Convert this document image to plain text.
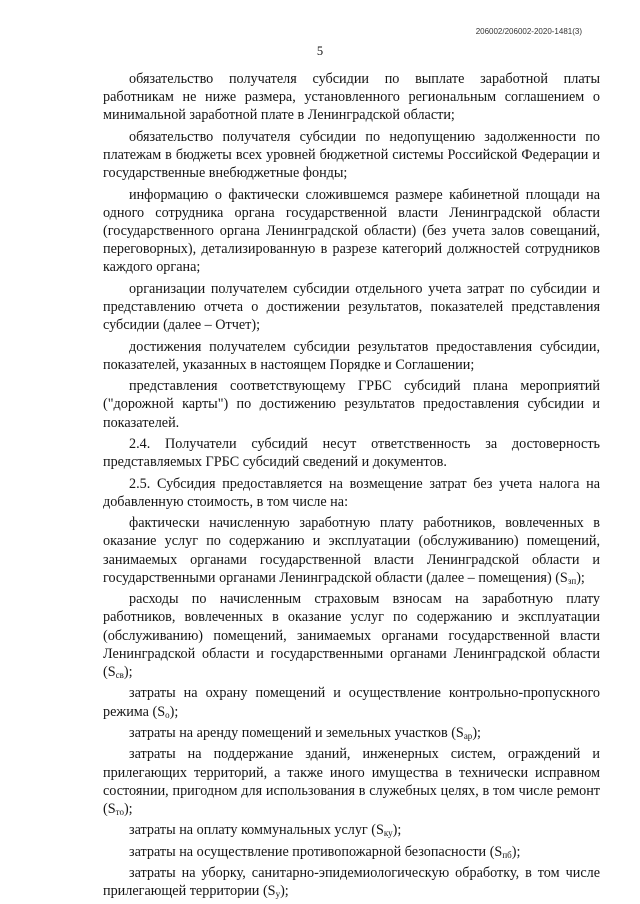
206002/206002-2020-1481(3)
5

обязательство получателя субсидии по выплате заработной платы работникам не ниже размера, установленного региональным соглашением о минимальной заработной плате в Ленинградской области;

обязательство получателя субсидии по недопущению задолженности по платежам в бюджеты всех уровней бюджетной системы Российской Федерации и государственные внебюджетные фонды;

информацию о фактически сложившемся размере кабинетной площади на одного сотрудника органа государственной власти Ленинградской области (государственного органа Ленинградской области) (без учета залов совещаний, переговорных), детализированную в разрезе категорий должностей сотрудников каждого органа;

организации получателем субсидии отдельного учета затрат по субсидии и представлению отчета о достижении результатов, показателей представления субсидии (далее – Отчет);

достижения получателем субсидии результатов предоставления субсидии, показателей, указанных в настоящем Порядке и Соглашении;

представления соответствующему ГРБС субсидий плана мероприятий ("дорожной карты") по достижению результатов предоставления субсидии и показателей.

2.4. Получатели субсидий несут ответственность за достоверность представляемых ГРБС субсидий сведений и документов.

2.5. Субсидия предоставляется на возмещение затрат без учета налога на добавленную стоимость, в том числе на:

фактически начисленную заработную плату работников, вовлеченных в оказание услуг по содержанию и эксплуатации (обслуживанию) помещений, занимаемых органами государственной власти Ленинградской области и государственными органами Ленинградской области (далее – помещения) $(S_{зп})$;

расходы по начисленным страховым взносам на заработную плату работников, вовлеченных в оказание услуг по содержанию и эксплуатации (обслуживанию) помещений, занимаемых органами государственной власти Ленинградской области и государственными органами Ленинградской области $(S_{св})$;

затраты на охрану помещений и осуществление контрольно-пропускного режима $(S_о)$;

затраты на аренду помещений и земельных участков $(S_{ар})$;

затраты на поддержание зданий, инженерных систем, ограждений и прилегающих территорий, а также иного имущества в технически исправном состоянии, пригодном для использования в служебных целях, в том числе ремонт $(S_{то})$;

затраты на оплату коммунальных услуг $(S_{ку})$;

затраты на осуществление противопожарной безопасности $(S_{пб})$;

затраты на уборку, санитарно-эпидемиологическую обработку, в том числе прилегающей территории $(S_у)$;
